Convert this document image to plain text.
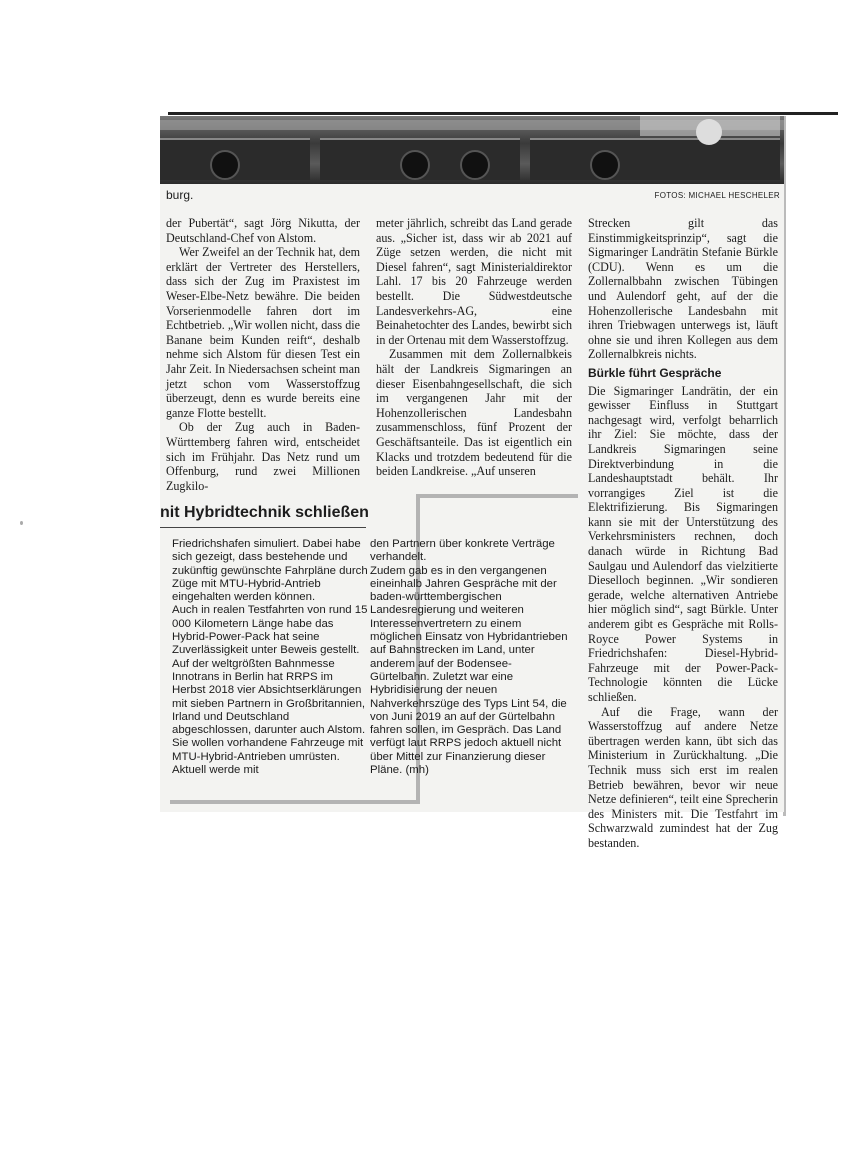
burg.	FOTOS: MICHAEL HESCHELER

der Pubertät“, sagt Jörg Nikutta, der Deutschland-Chef von Alstom.

Wer Zweifel an der Technik hat, dem erklärt der Vertreter des Herstellers, dass sich der Zug im Praxistest im Weser-Elbe-Netz bewähre. Die beiden Vorserienmodelle fahren dort im Echtbetrieb. „Wir wollen nicht, dass die Banane beim Kunden reift“, deshalb nehme sich Alstom für diesen Test ein Jahr Zeit. In Niedersachsen scheint man jetzt schon vom Wasserstoffzug überzeugt, denn es wurde bereits eine ganze Flotte bestellt.

Ob der Zug auch in Baden-Württemberg fahren wird, entscheidet sich im Frühjahr. Das Netz rund um Offenburg, rund zwei Millionen Zugkilo-

meter jährlich, schreibt das Land gerade aus. „Sicher ist, dass wir ab 2021 auf Züge setzen werden, die nicht mit Diesel fahren“, sagt Ministerialdirektor Lahl. 17 bis 20 Fahrzeuge werden bestellt. Die Südwestdeutsche Landesverkehrs-AG, eine Beinahetochter des Landes, bewirbt sich in der Ortenau mit dem Wasserstoffzug.

Zusammen mit dem Zollernalbkeis hält der Landkreis Sigmaringen an dieser Eisenbahngesellschaft, die sich im vergangenen Jahr mit der Hohenzollerischen Landesbahn zusammenschloss, fünf Prozent der Geschäftsanteile. Das ist eigentlich ein Klacks und trotzdem bedeutend für die beiden Landkreise. „Auf unseren

Strecken gilt das Einstimmigkeitsprinzip“, sagt die Sigmaringer Landrätin Stefanie Bürkle (CDU). Wenn es um die Zollernalbbahn zwischen Tübingen und Aulendorf geht, auf der die Hohenzollerische Landesbahn mit ihren Triebwagen unterwegs ist, läuft ohne sie und ihren Kollegen aus dem Zollernalbkreis nichts.

Bürkle führt Gespräche

Die Sigmaringer Landrätin, der ein gewisser Einfluss in Stuttgart nachgesagt wird, verfolgt beharrlich ihr Ziel: Sie möchte, dass der Landkreis Sigmaringen seine Direktverbindung in die Landeshauptstadt behält. Ihr vorrangiges Ziel ist die Elektrifizierung. Bis Sigmaringen kann sie mit der Unterstützung des Verkehrsministers rechnen, doch danach würde in Richtung Bad Saulgau und Aulendorf das vielzitierte Dieselloch beginnen. „Wir sondieren gerade, welche alternativen Antriebe hier möglich sind“, sagt Bürkle. Unter anderem gibt es Gespräche mit Rolls-Royce Power Systems in Friedrichshafen: Diesel-Hybrid-Fahrzeuge mit der Power-Pack-Technologie könnten die Lücke schließen.

Auf die Frage, wann der Wasserstoffzug auf andere Netze übertragen werden kann, übt sich das Ministerium in Zurückhaltung. „Die Technik muss sich erst im realen Betrieb bewähren, bevor wir neue Netze definieren“, teilt eine Sprecherin des Ministers mit. Die Testfahrt im Schwarzwald zumindest hat der Zug bestanden.

nit Hybridtechnik schließen
Friedrichshafen simuliert. Dabei habe sich gezeigt, dass bestehende und zukünftig gewünschte Fahrpläne durch Züge mit MTU-Hybrid-Antrieb eingehalten werden können.
Auch in realen Testfahrten von rund 15 000 Kilometern Länge habe das Hybrid-Power-Pack hat seine Zuverlässigkeit unter Beweis gestellt.
Auf der weltgrößten Bahnmesse Innotrans in Berlin hat RRPS im Herbst 2018 vier Absichtserklärungen mit sieben Partnern in Großbritannien, Irland und Deutschland abgeschlossen, darunter auch Alstom. Sie wollen vorhandene Fahrzeuge mit MTU-Hybrid-Antrieben umrüsten. Aktuell werde mit
den Partnern über konkrete Verträge verhandelt.
Zudem gab es in den vergangenen eineinhalb Jahren Gespräche mit der baden-württembergischen Landesregierung und weiteren Interessenvertretern zu einem möglichen Einsatz von Hybridantrieben auf Bahnstrecken im Land, unter anderem auf der Bodensee-Gürtelbahn. Zuletzt war eine Hybridisierung der neuen Nahverkehrszüge des Typs Lint 54, die von Juni 2019 an auf der Gürtelbahn fahren sollen, im Gespräch. Das Land verfügt laut RRPS jedoch aktuell nicht über Mittel zur Finanzierung dieser Pläne. (mh)
